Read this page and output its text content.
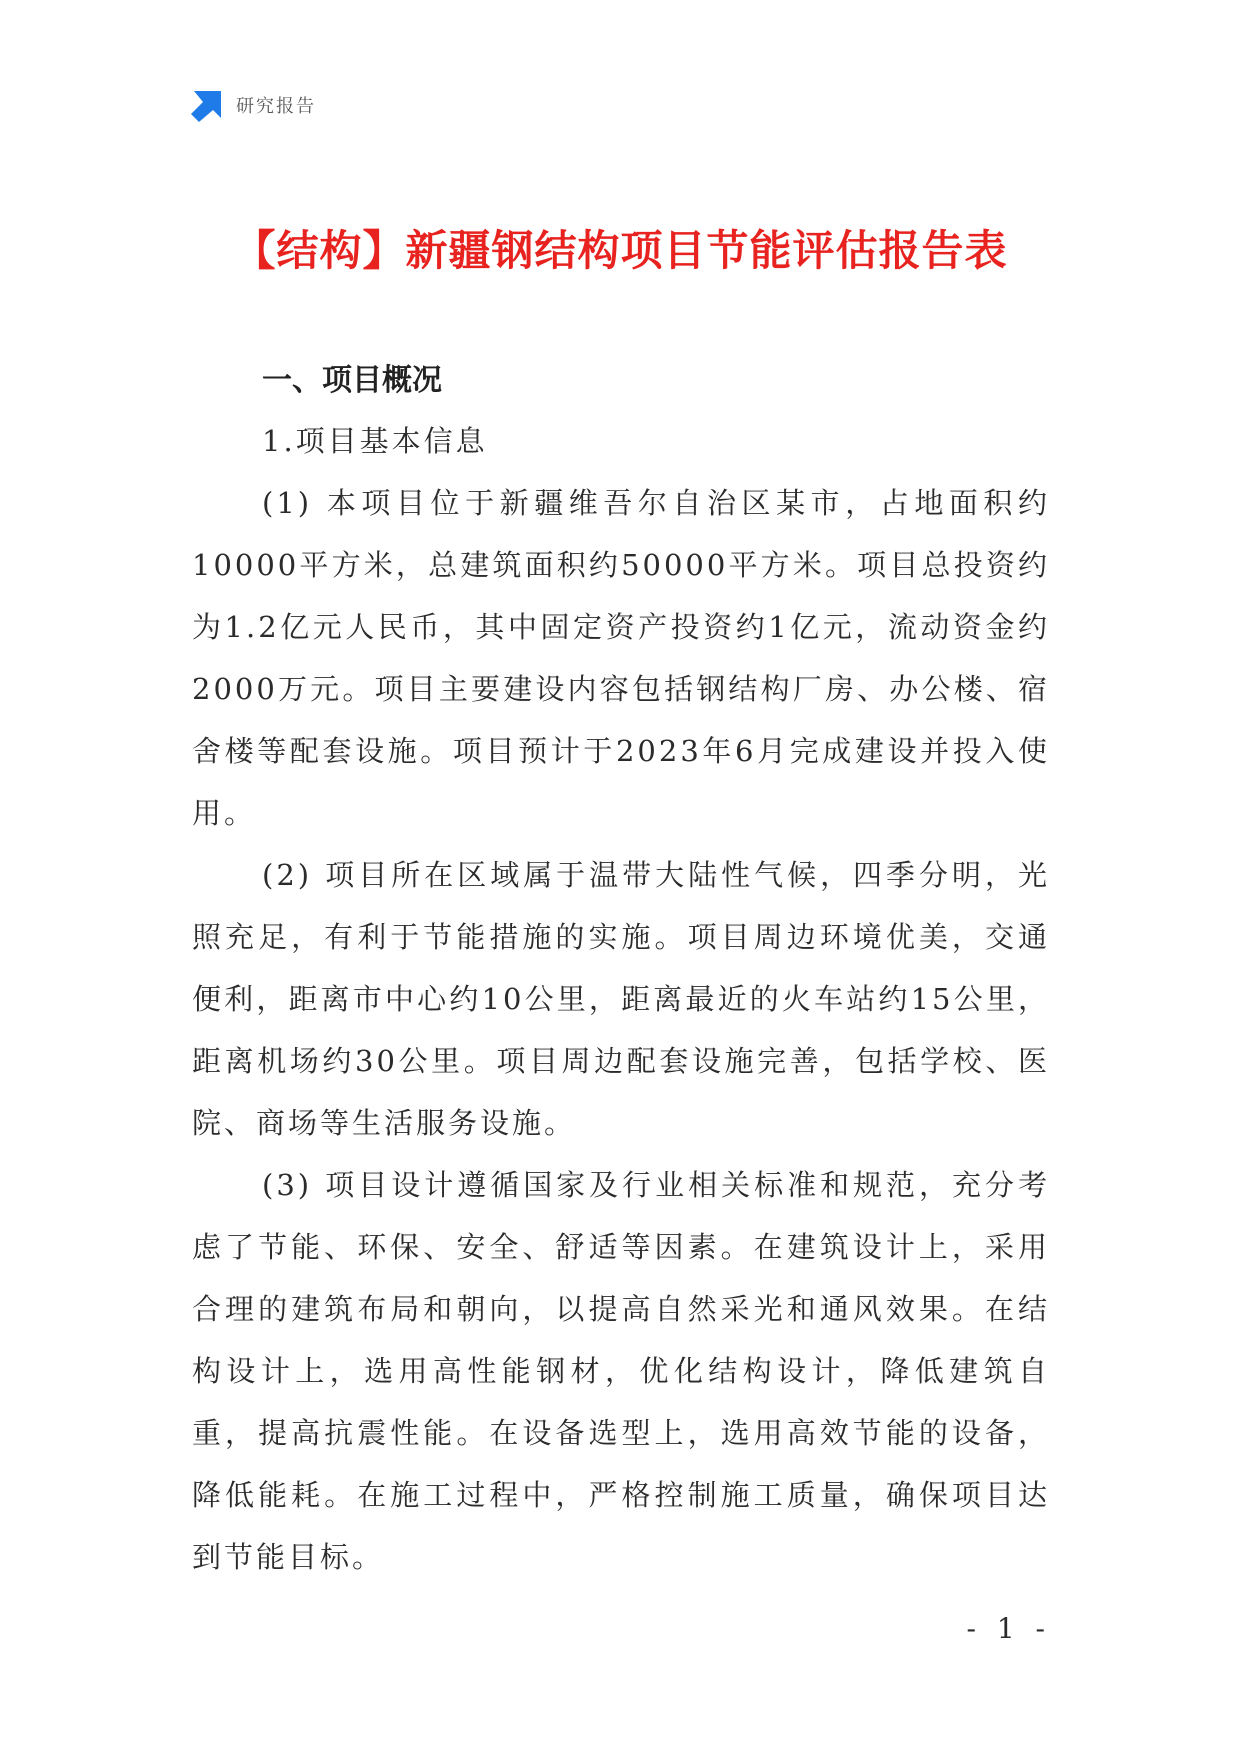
研究报告
【结构】新疆钢结构项目节能评估报告表

一、项目概况

1.项目基本信息

(1) 本项目位于新疆维吾尔自治区某市，占地面积约10000平方米，总建筑面积约50000平方米。项目总投资约为1.2亿元人民币，其中固定资产投资约1亿元，流动资金约2000万元。项目主要建设内容包括钢结构厂房、办公楼、宿舍楼等配套设施。项目预计于2023年6月完成建设并投入使用。

(2) 项目所在区域属于温带大陆性气候，四季分明，光照充足，有利于节能措施的实施。项目周边环境优美，交通便利，距离市中心约10公里，距离最近的火车站约15公里，距离机场约30公里。项目周边配套设施完善，包括学校、医院、商场等生活服务设施。

(3) 项目设计遵循国家及行业相关标准和规范，充分考虑了节能、环保、安全、舒适等因素。在建筑设计上，采用合理的建筑布局和朝向，以提高自然采光和通风效果。在结构设计上，选用高性能钢材，优化结构设计，降低建筑自重，提高抗震性能。在设备选型上，选用高效节能的设备，降低能耗。在施工过程中，严格控制施工质量，确保项目达到节能目标。

- 1 -
